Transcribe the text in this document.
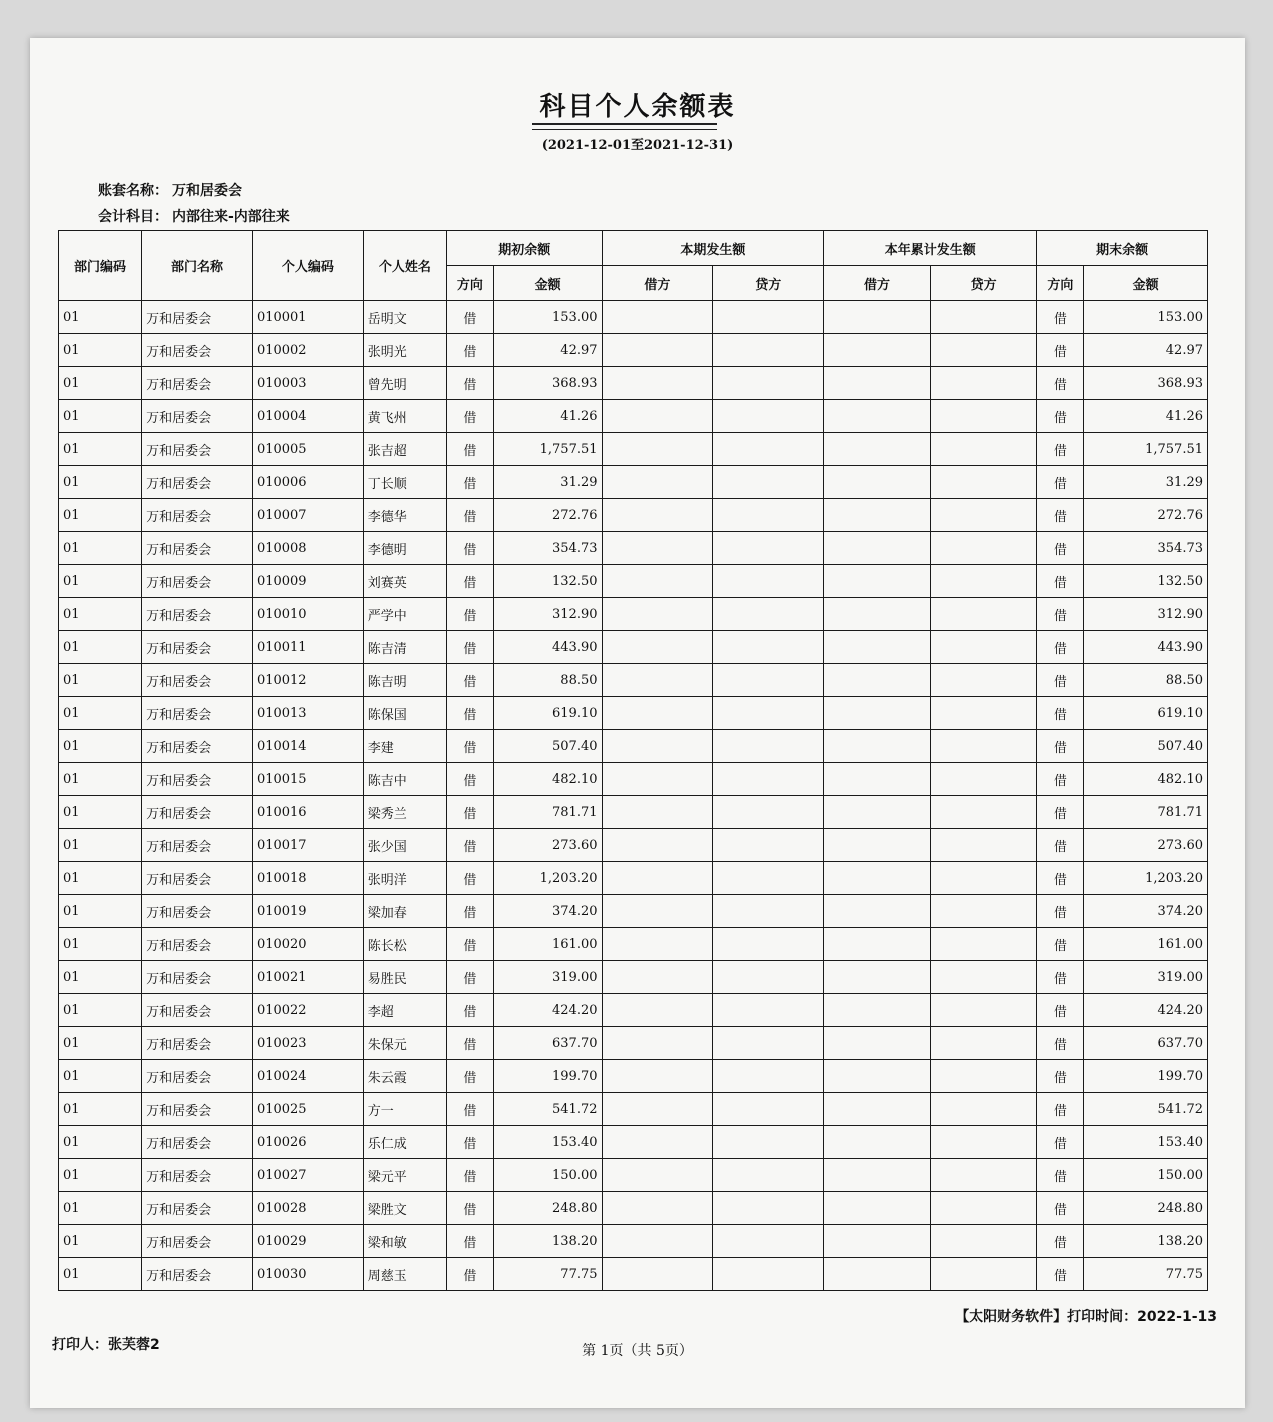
科目个人余额表
(2021-12-01至2021-12-31)
账套名称： 万和居委会
会计科目： 内部往来-内部往来
部门编码	部门名称	个人编码	个人姓名	期初余额		本期发生额		本年累计发生额		期末余额	
				方向	金额	借方	贷方	借方	贷方	方向	金额
01	万和居委会	010001	岳明文	借	153.00					借	153.00
01	万和居委会	010002	张明光	借	42.97					借	42.97
01	万和居委会	010003	曾先明	借	368.93					借	368.93
01	万和居委会	010004	黄飞州	借	41.26					借	41.26
01	万和居委会	010005	张吉超	借	1,757.51					借	1,757.51
01	万和居委会	010006	丁长顺	借	31.29					借	31.29
01	万和居委会	010007	李德华	借	272.76					借	272.76
01	万和居委会	010008	李德明	借	354.73					借	354.73
01	万和居委会	010009	刘赛英	借	132.50					借	132.50
01	万和居委会	010010	严学中	借	312.90					借	312.90
01	万和居委会	010011	陈吉清	借	443.90					借	443.90
01	万和居委会	010012	陈吉明	借	88.50					借	88.50
01	万和居委会	010013	陈保国	借	619.10					借	619.10
01	万和居委会	010014	李建	借	507.40					借	507.40
01	万和居委会	010015	陈吉中	借	482.10					借	482.10
01	万和居委会	010016	梁秀兰	借	781.71					借	781.71
01	万和居委会	010017	张少国	借	273.60					借	273.60
01	万和居委会	010018	张明洋	借	1,203.20					借	1,203.20
01	万和居委会	010019	梁加春	借	374.20					借	374.20
01	万和居委会	010020	陈长松	借	161.00					借	161.00
01	万和居委会	010021	易胜民	借	319.00					借	319.00
01	万和居委会	010022	李超	借	424.20					借	424.20
01	万和居委会	010023	朱保元	借	637.70					借	637.70
01	万和居委会	010024	朱云霞	借	199.70					借	199.70
01	万和居委会	010025	方一	借	541.72					借	541.72
01	万和居委会	010026	乐仁成	借	153.40					借	153.40
01	万和居委会	010027	梁元平	借	150.00					借	150.00
01	万和居委会	010028	梁胜文	借	248.80					借	248.80
01	万和居委会	010029	梁和敏	借	138.20					借	138.20
01	万和居委会	010030	周慈玉	借	77.75					借	77.75
【太阳财务软件】打印时间：2022-1-13
打印人：张芙蓉2	第 1页（共 5页）
